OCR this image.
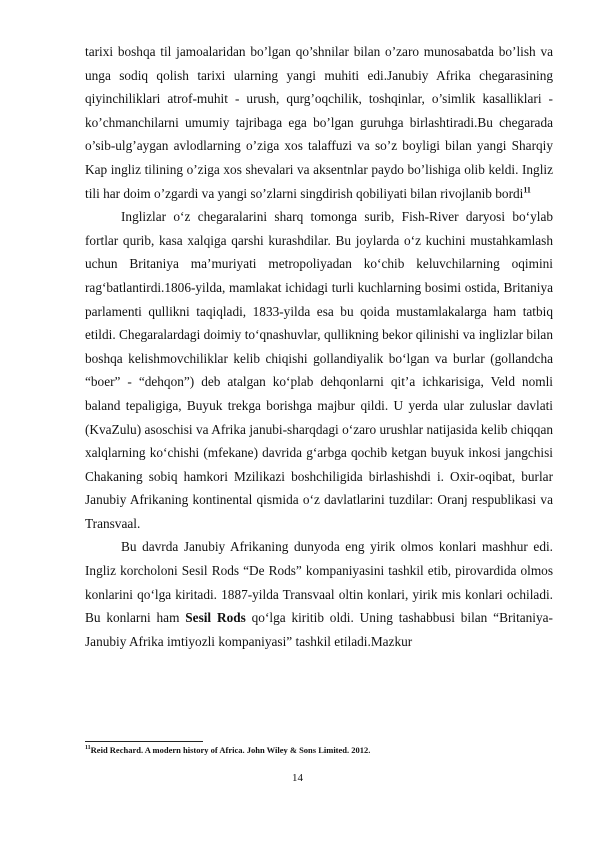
tarixi boshqa til jamoalaridan bo’lgan qo’shnilar bilan o’zaro munosabatda bo’lish va unga sodiq qolish tarixi ularning yangi muhiti edi.Janubiy Afrika chegarasining qiyinchiliklari atrof-muhit - urush, qurg’oqchilik, toshqinlar, o’simlik kasalliklari - ko’chmanchilarni umumiy tajribaga ega bo’lgan guruhga birlashtiradi.Bu chegarada o’sib-ulg’aygan avlodlarning o’ziga xos talaffuzi va so’z boyligi bilan yangi Sharqiy Kap ingliz tilining o’ziga xos shevalari va aksentnlar paydo bo’lishiga olib keldi. Ingliz tili har doim o’zgardi va yangi so’zlarni singdirish qobiliyati bilan rivojlanib bordi$^{11}$

Inglizlar o‘z chegaralarini sharq tomonga surib, Fish-River daryosi bo‘ylab fortlar qurib, kasa xalqiga qarshi kurashdilar. Bu joylarda o‘z kuchini mustahkamlash uchun Britaniya ma’muriyati metropoliyadan ko‘chib keluvchilarning oqimini rag‘batlantirdi.1806-yilda, mamlakat ichidagi turli kuchlarning bosimi ostida, Britaniya parlamenti qullikni taqiqladi, 1833-yilda esa bu qoida mustamlakalarga ham tatbiq etildi. Chegaralardagi doimiy to‘qnashuvlar, qullikning bekor qilinishi va inglizlar bilan boshqa kelishmovchiliklar kelib chiqishi gollandiyalik bo‘lgan va burlar (gollandcha “boer” - “dehqon”) deb atalgan ko‘plab dehqonlarni qit’a ichkarisiga, Veld nomli baland tepaligiga, Buyuk trekga borishga majbur qildi. U yerda ular zuluslar davlati (KvaZulu) asoschisi va Afrika janubi-sharqdagi o‘zaro urushlar natijasida kelib chiqqan xalqlarning ko‘chishi (mfekane) davrida g‘arbga qochib ketgan buyuk inkosi jangchisi Chakaning sobiq hamkori Mzilikazi boshchiligida birlashishdi i. Oxir-oqibat, burlar Janubiy Afrikaning kontinental qismida o‘z davlatlarini tuzdilar: Oranj respublikasi va Transvaal.

Bu davrda Janubiy Afrikaning dunyoda eng yirik olmos konlari mashhur edi. Ingliz korcholoni Sesil Rods “De Rods” kompaniyasini tashkil etib, pirovardida olmos konlarini qo‘lga kiritadi. 1887-yilda Transvaal oltin konlari, yirik mis konlari ochiladi. Bu konlarni ham Sesil Rods qo‘lga kiritib oldi. Uning tashabbusi bilan “Britaniya-Janubiy Afrika imtiyozli kompaniyasi” tashkil etiladi.Mazkur

$^{11}$Reid Rechard. A modern history of Africa. John Wiley & Sons Limited. 2012.
14
